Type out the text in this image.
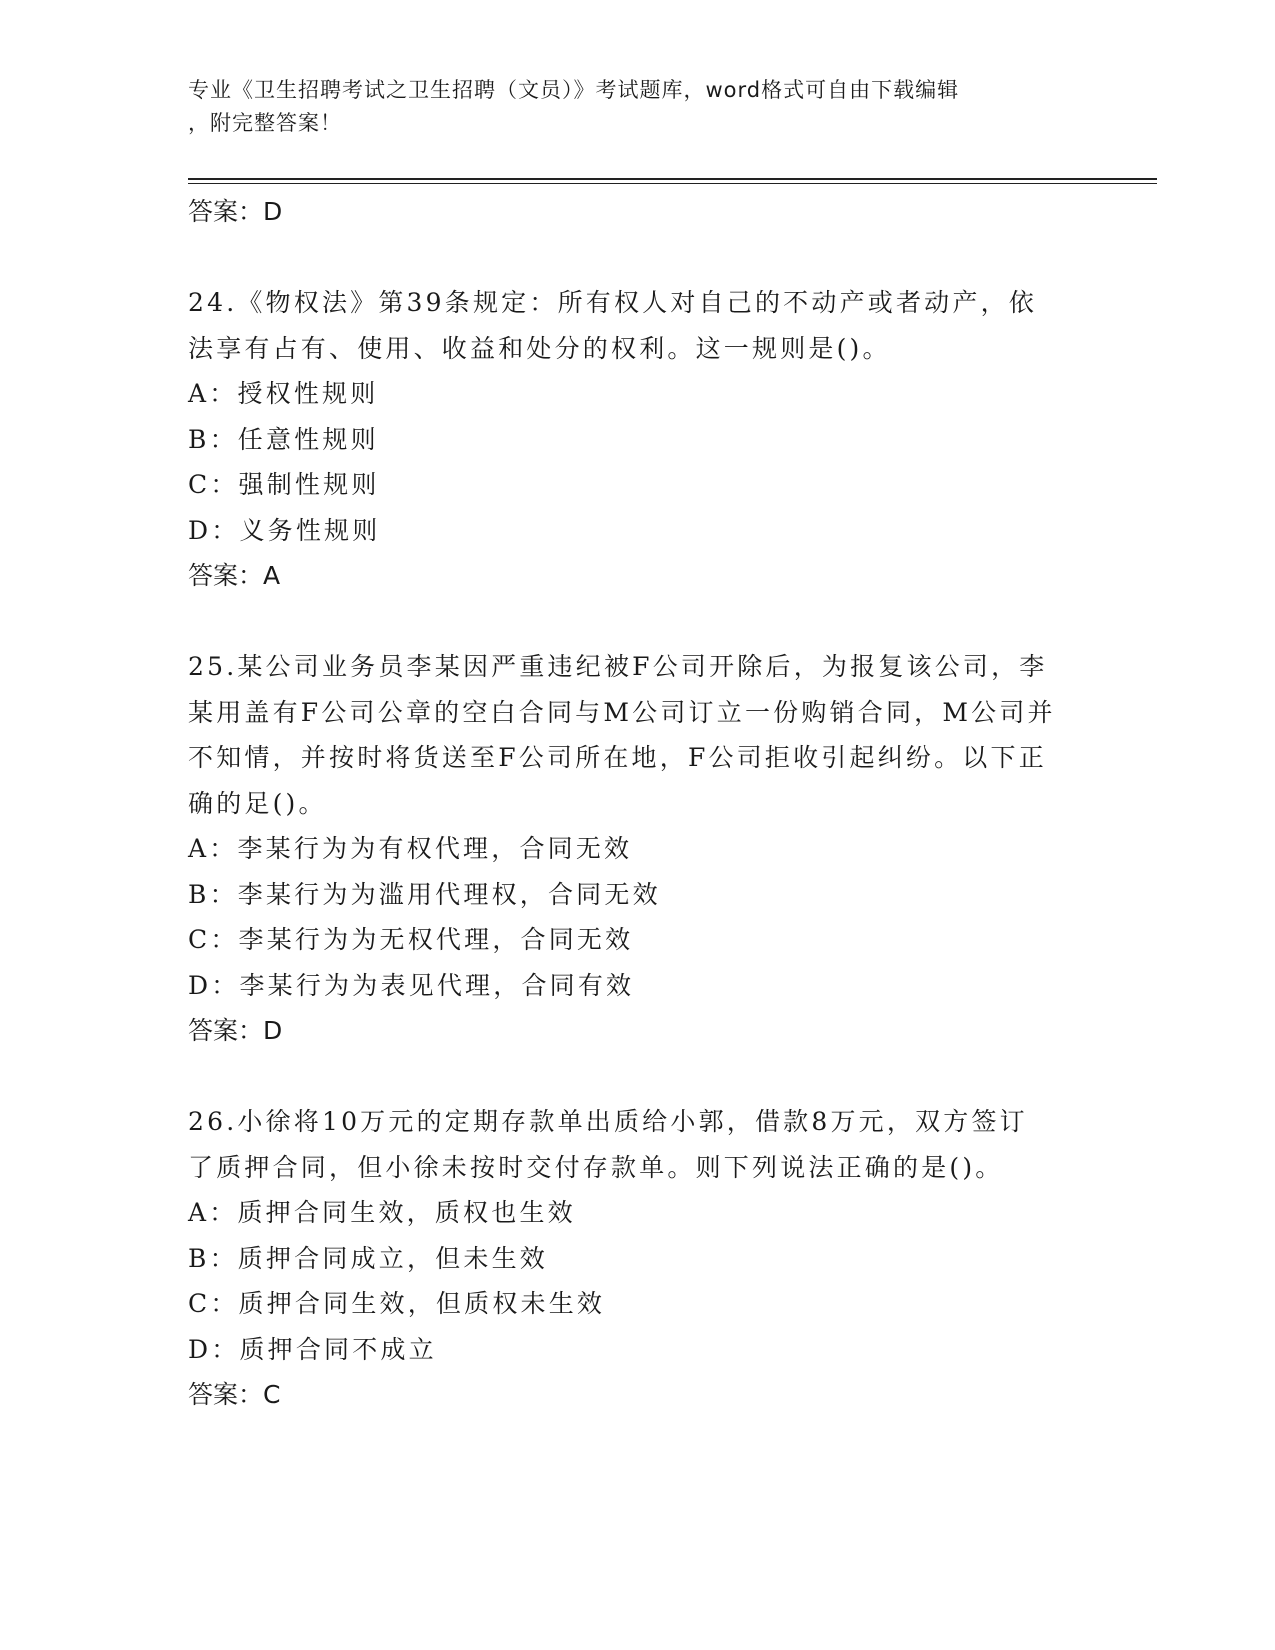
专业《卫生招聘考试之卫生招聘（文员）》考试题库，word格式可自由下载编辑
，附完整答案！
答案：D
24.《物权法》第39条规定：所有权人对自己的不动产或者动产，依
法享有占有、使用、收益和处分的权利。这一规则是()。
A：授权性规则
B：任意性规则
C：强制性规则
D：义务性规则
答案：A
25.某公司业务员李某因严重违纪被F公司开除后，为报复该公司，李
某用盖有F公司公章的空白合同与M公司订立一份购销合同，M公司并
不知情，并按时将货送至F公司所在地，F公司拒收引起纠纷。以下正
确的足()。
A：李某行为为有权代理，合同无效
B：李某行为为滥用代理权，合同无效
C：李某行为为无权代理，合同无效
D：李某行为为表见代理，合同有效
答案：D
26.小徐将10万元的定期存款单出质给小郭，借款8万元，双方签订
了质押合同，但小徐未按时交付存款单。则下列说法正确的是()。
A：质押合同生效，质权也生效
B：质押合同成立，但未生效
C：质押合同生效，但质权未生效
D：质押合同不成立
答案：C
